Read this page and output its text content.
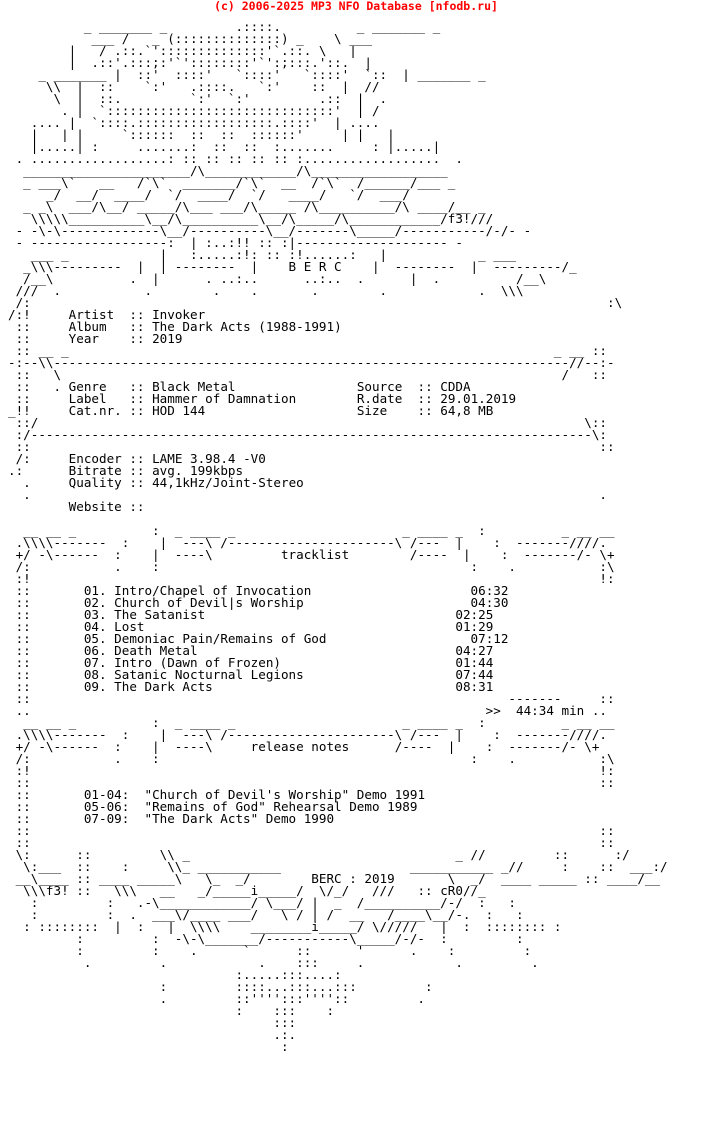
(c) 2006-2025 MP3 NFO Database [nfodb.ru]
_ _______ _         .::::.          _ _______ _
___ /   _ (::::::::::::::) _    \ ___
|   / .::.`'::::::::::::::'`.::. \   |
|  .::'.:::;:'`'::::::::'`':;:::.'::.  |
_ _______ |  ::'  ::::'   `::::'   `::::'  `::  | _______ _
\\  |  ::    `:'   .::::.   `:'    ::  |  //
\  |  ::.         `:'  `:'         .::  |  .
. |  `::::::::::::::::::::::::::::::'  | /
.... |  `::::.::::::::::::::::::.::::'  | ....
|   | |     `::::::  ::  ::  ::::::'     | |   |
|.....| :     .......:  ::  ::  :.......     : |.....|
. ..................: :: :: :: :: :: :..................  .
______________________/\____________/\__________________
_ ___\`   __   /`\`  _______/`\`  __  /`\`  /______/___ _
_/  __/  ____/  `/  ____/  `/   ____/   `/  ___/
_ _\  ___/\__/ _____/\___ ___/\_____ /\__________/\ ____/__ _
\\\\\__________\__/\__________\__/\_____/\____________/f3!///
- -\-\-------------\__/----------\__/-------\_____/-----------/-/- -
- ------------------:  | :..:!! :: :|-------------------- -
___ _            |   :.....:!: :: :!......:   |            _ ___
_\\\---------  |  | --------  |    B E R C    |  --------  |  ---------/_
/__\          .  |      . ..:..      ..:..  .      |  .          /__\
///  .           .        .    .       .        .            .  \\\
/:                                                                            :\
/:!     Artist  :: Invoker
::     Album   :: The Dark Acts (1988-1991)
::     Year    :: 2019
:: __ _                                                                _ __ ::
-:--\\--------------------------------------------------------------------//--:-
::   \                                                                  /   ::
::   . Genre   :: Black Metal	Source  :: CDDA
::     Label   :: Hammer of Damnation	R.date  :: 29.01.2019
_!!     Cat.nr. :: HOD 144	Size    :: 64,8 MB
::/                                                                        \::
:/--------------------------------------------------------------------------\:
::                                                                           ::
/:     Encoder :: LAME 3.98.4 -V0
.:      Bitrate :: avg. 199kbps
.     Quality :: 44,1kHz/Joint-Stereo
.                                                                           .
Website ::

__ __ _          :  _ ____ _                      _ ____ _  :          _ __ __
.\\\\-------  :    |  ---\ /----------------------\ /---  |    :  -------////.
+/ -\------  :    |  ----\         tracklist        /----  |    :  -------/- \+
/:           .    :                                         :    .           :\
:!                                                                           !:
::       01. Intro/Chapel of Invocation	06:32
::       02. Church of Devil|s Worship	04:30
::       03. The Satanist	02:25
::       04. Lost	01:29
::       05. Demoniac Pain/Remains of God	07:12
::       06. Death Metal	04:27
::       07. Intro (Dawn of Frozen)	01:44
::       08. Satanic Nocturnal Legions	07:44
::       09. The Dark Acts	08:31
::                                                               -------     ::
..                                                            >>  44:34 min ..
__ __ _          :  _ ____ _                      _ ____ _  :          _ __ __
.\\\\-------  :    |  ---\ /----------------------\ /---  |    :  -------////.
+/ -\------  :    |  ----\     release notes      /----  |    :  -------/- \+
/:           .    :                                         :    .           :\
:!                                                                           !:
::                                                                           ::
::       01-04:  "Church of Devil's Worship" Demo 1991
::       05-06:  "Remains of God" Rehearsal Demo 1989
::       07-09:  "The Dark Acts" Demo 1990
::                                                                           ::
::                                                                           ::
\:      ::         \\ _                                   _ //         ::      :/
\:___  ::    :     \\_ ___________                 ___________ _//     :    ::  ___:/
__\____ :: ____ _____\   \_  _/        BERC : 2019       \  _/  ____ _____ :: ____/__
\\\f3! ::   \\\   __   _/_____i_____/  \/_/   ///   :: cR0//_
:         :   .-\____________/ \___/ |  _  /__________/-/  :   :
:         :  .  ___\/____ ___/   \ / | /  __   /____\__/-.  :   :
: ::::::::  |  :   |  \\\\    ________i_____/ \/////   |  :  :::::::: :
:         :  -\-\_______/-----------\_____/-/-  :         :
:         :    .      `      ::      '      .    :         :
.         .            .    :::     .            .         .
:.....:::....:
:         ::::...:::...:::         :
.         ::'''':::''''::         .
:    :::    :
:::
.:.
:
